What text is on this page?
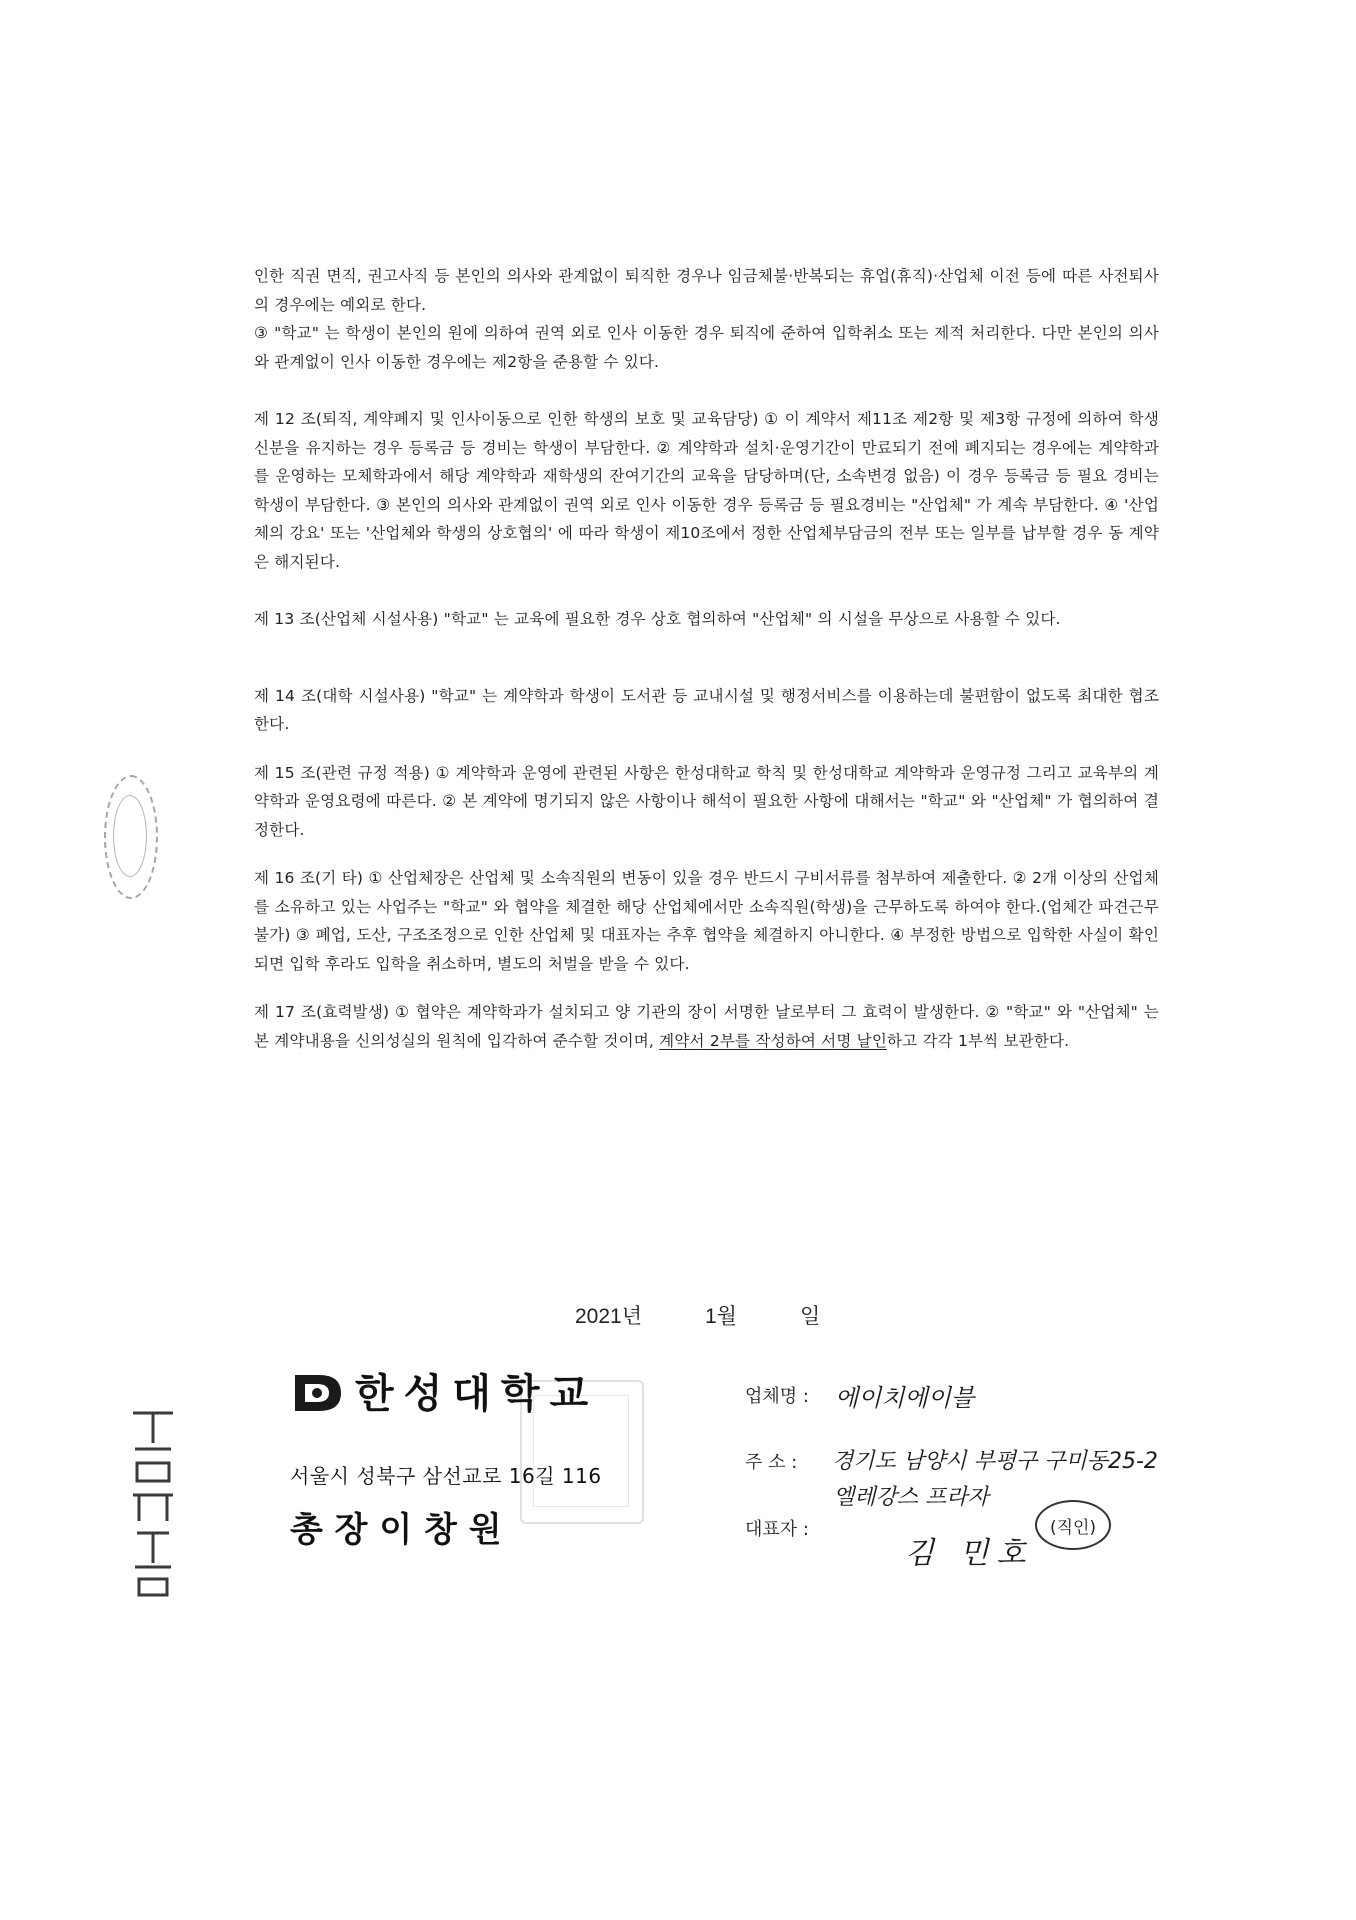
인한 직권 면직, 권고사직 등 본인의 의사와 관계없이 퇴직한 경우나 임금체불·반복되는 휴업(휴직)·산업체 이전 등에 따른 사전퇴사의 경우에는 예외로 한다.

③ "학교" 는 학생이 본인의 원에 의하여 권역 외로 인사 이동한 경우 퇴직에 준하여 입학취소 또는 제적 처리한다. 다만 본인의 의사와 관계없이 인사 이동한 경우에는 제2항을 준용할 수 있다.

제 12 조(퇴직, 계약폐지 및 인사이동으로 인한 학생의 보호 및 교육담당) ① 이 계약서 제11조 제2항 및 제3항 규정에 의하여 학생신분을 유지하는 경우 등록금 등 경비는 학생이 부담한다. ② 계약학과 설치·운영기간이 만료되기 전에 폐지되는 경우에는 계약학과를 운영하는 모체학과에서 해당 계약학과 재학생의 잔여기간의 교육을 담당하며(단, 소속변경 없음) 이 경우 등록금 등 필요 경비는 학생이 부담한다. ③ 본인의 의사와 관계없이 권역 외로 인사 이동한 경우 등록금 등 필요경비는 "산업체" 가 계속 부담한다. ④ '산업체의 강요' 또는 '산업체와 학생의 상호협의' 에 따라 학생이 제10조에서 정한 산업체부담금의 전부 또는 일부를 납부할 경우 동 계약은 해지된다.

제 13 조(산업체 시설사용) "학교" 는 교육에 필요한 경우 상호 협의하여 "산업체" 의 시설을 무상으로 사용할 수 있다.

제 14 조(대학 시설사용) "학교" 는 계약학과 학생이 도서관 등 교내시설 및 행정서비스를 이용하는데 불편함이 없도록 최대한 협조한다.

제 15 조(관련 규정 적용) ① 계약학과 운영에 관련된 사항은 한성대학교 학칙 및 한성대학교 계약학과 운영규정 그리고 교육부의 계약학과 운영요령에 따른다. ② 본 계약에 명기되지 않은 사항이나 해석이 필요한 사항에 대해서는 "학교" 와 "산업체" 가 협의하여 결정한다.

제 16 조(기 타) ① 산업체장은 산업체 및 소속직원의 변동이 있을 경우 반드시 구비서류를 첨부하여 제출한다. ② 2개 이상의 산업체를 소유하고 있는 사업주는 "학교" 와 협약을 체결한 해당 산업체에서만 소속직원(학생)을 근무하도록 하여야 한다.(업체간 파견근무 불가) ③ 폐업, 도산, 구조조정으로 인한 산업체 및 대표자는 추후 협약을 체결하지 아니한다. ④ 부정한 방법으로 입학한 사실이 확인되면 입학 후라도 입학을 취소하며, 별도의 처벌을 받을 수 있다.

제 17 조(효력발생) ① 협약은 계약학과가 설치되고 양 기관의 장이 서명한 날로부터 그 효력이 발생한다. ② "학교" 와 "산업체" 는 본 계약내용을 신의성실의 원칙에 입각하여 준수할 것이며, 계약서 2부를 작성하여 서명 날인하고 각각 1부씩 보관한다.

2021년	1월	일
한성대학교
서울시 성북구 삼선교로 16길 116
총 장 이 창 원
업체명 : 에이치에이블
주 소 : 경기도 남양시 부평구 구미동25-2
엘레강스 프라자
대표자 :
김 민호
(직인)
